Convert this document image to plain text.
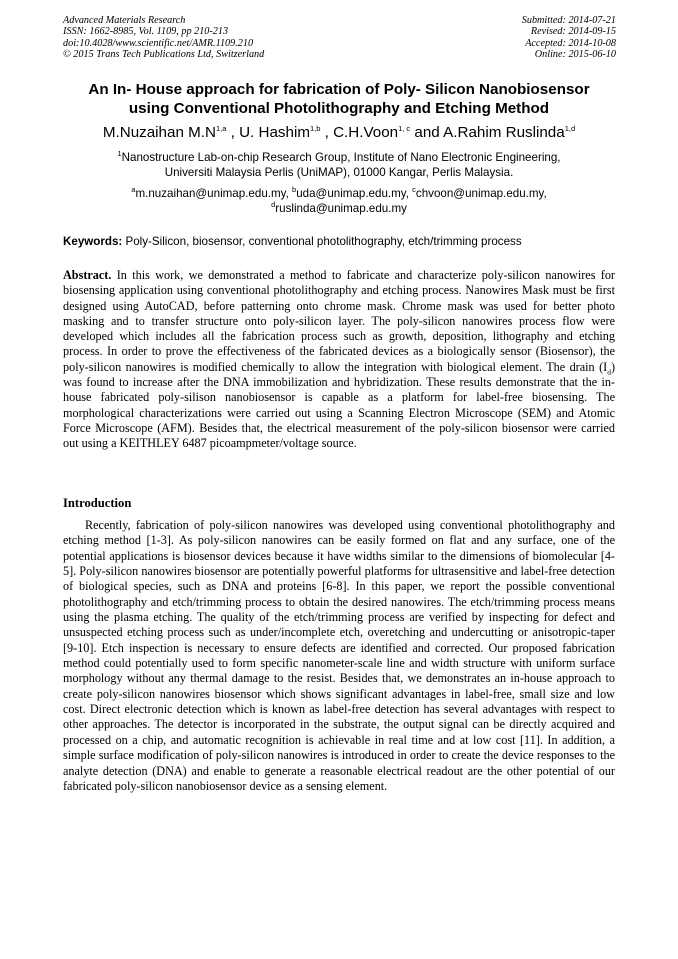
Advanced Materials Research
ISSN: 1662-8985, Vol. 1109, pp 210-213
doi:10.4028/www.scientific.net/AMR.1109.210
© 2015 Trans Tech Publications Ltd, Switzerland
Submitted: 2014-07-21
Revised: 2014-09-15
Accepted: 2014-10-08
Online: 2015-06-10
An In- House approach for fabrication of Poly- Silicon Nanobiosensor
using Conventional Photolithography and Etching Method
M.Nuzaihan $M.N^{1,a}$ , U. Hashim$^{1,b}$ , C.H.Voon$^{1, c}$ and A.Rahim Ruslinda$^{1,d}$
$^1$Nanostructure Lab-on-chip Research Group, Institute of Nano Electronic Engineering,
Universiti Malaysia Perlis (UniMAP), 01000 Kangar, Perlis Malaysia.
$^a$m.nuzaihan@unimap.edu.my, $^b$uda@unimap.edu.my, $^c$chvoon@unimap.edu.my,
$^d$ruslinda@unimap.edu.my
Keywords: Poly-Silicon, biosensor, conventional photolithography, etch/trimming process
Abstract. In this work, we demonstrated a method to fabricate and characterize poly-silicon nanowires for biosensing application using conventional photolithography and etching process. Nanowires Mask must be first designed using AutoCAD, before patterning onto chrome mask. Chrome mask was used for better photo masking and to transfer structure onto poly-silicon layer. The poly-silicon nanowires process flow were developed which includes all the fabrication process such as growth, deposition, lithography and etching process. In order to prove the effectiveness of the fabricated devices as a biologically sensor (Biosensor), the poly-silicon nanowires is modified chemically to allow the integration with biological element. The drain $(I_d)$ was found to increase after the DNA immobilization and hybridization. These results demonstrate that the in-house fabricated poly-silison nanobiosensor is capable as a platform for label-free biosensing. The morphological characterizations were carried out using a Scanning Electron Microscope (SEM) and Atomic Force Microscope (AFM). Besides that, the electrical measurement of the poly-silicon biosensor were carried out using a KEITHLEY 6487 picoampmeter/voltage source.
Introduction
Recently, fabrication of poly-silicon nanowires was developed using conventional photolithography and etching method [1-3]. As poly-silicon nanowires can be easily formed on flat and any surface, one of the potential applications is biosensor devices because it have widths similar to the dimensions of biomolecular [4-5]. Poly-silicon nanowires biosensor are potentially powerful platforms for ultrasensitive and label-free detection of biological species, such as DNA and proteins [6-8]. In this paper, we report the possible conventional photolithography and etch/trimming process to obtain the desired nanowires. The etch/trimming process means using the plasma etching. The quality of the etch/trimming process are verified by inspecting for defect and unsuspected etching process such as under/incomplete etch, overetching and undercutting or anisotropic-taper [9-10]. Etch inspection is necessary to ensure defects are identified and corrected. Our proposed fabrication method could potentially used to form specific nanometer-scale line and width structure with uniform surface morphology without any thermal damage to the resist. Besides that, we demonstrates an in-house approach to create poly-silicon nanowires biosensor which shows significant advantages in label-free, small size and low cost. Direct electronic detection which is known as label-free detection has several advantages with respect to other approaches. The detector is incorporated in the substrate, the output signal can be directly acquired and processed on a chip, and automatic recognition is achievable in real time and at low cost [11]. In addition, a simple surface modification of poly-silicon nanowires is introduced in order to create the device responses to the analyte detection (DNA) and enable to generate a reasonable electrical readout are the other potential of our fabricated poly-silicon nanobiosensor device as a sensing element.
